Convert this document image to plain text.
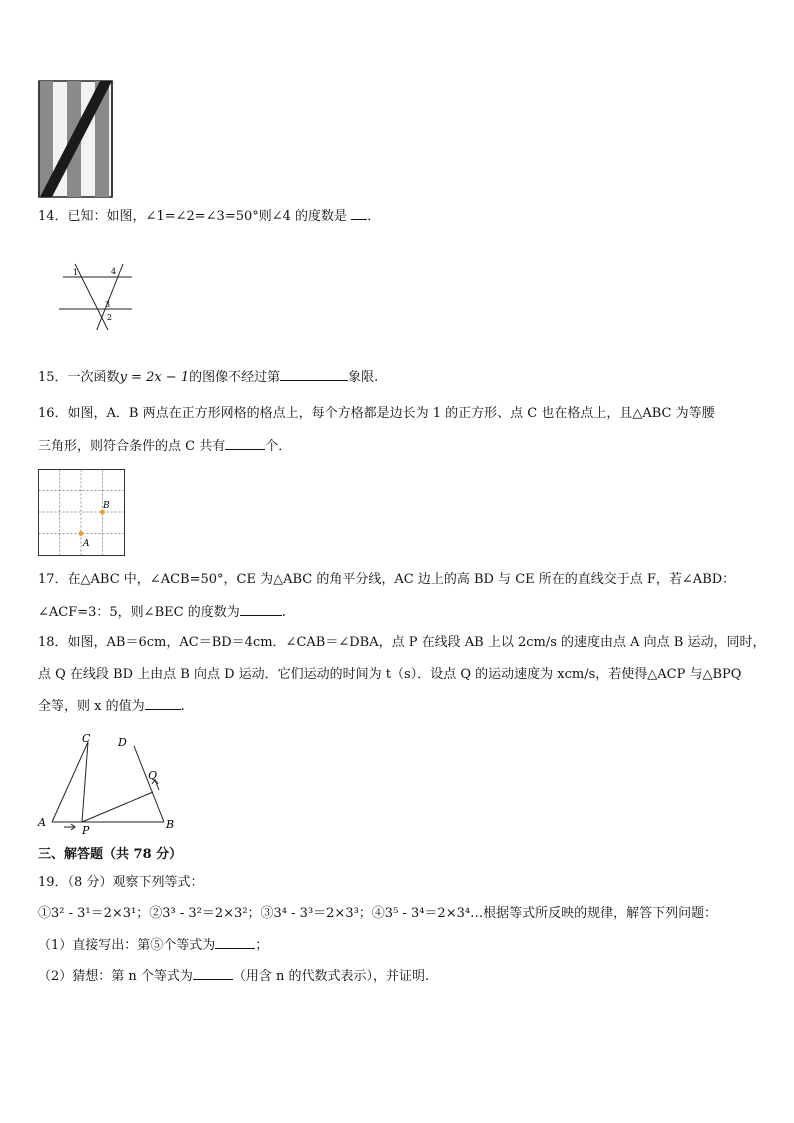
14．已知：如图，∠1=∠2=∠3=50°则∠4 的度数是 ．
1	4
3
2
15．一次函数y = 2x − 1的图像不经过第	象限.
16．如图，A．B 两点在正方形网格的格点上，每个方格都是边长为 1 的正方形、点 C 也在格点上，且△ABC 为等腰
三角形，则符合条件的点 C 共有	个．
B
A
17．在△ABC 中，∠ACB=50°，CE 为△ABC 的角平分线，AC 边上的高 BD 与 CE 所在的直线交于点 F，若∠ABD：
∠ACF=3：5，则∠BEC 的度数为	.
18．如图，AB＝6cm，AC＝BD＝4cm．∠CAB＝∠DBA，点 P 在线段 AB 上以 2cm/s 的速度由点 A 向点 B 运动，同时，
点 Q 在线段 BD 上由点 B 向点 D 运动．它们运动的时间为 t（s）．设点 Q 的运动速度为 xcm/s，若使得△ACP 与△BPQ
全等，则 x 的值为	.
C	D
Q
A
P	B
三、解答题（共 78 分）
19．（8 分）观察下列等式：
①3² - 3¹＝2×3¹；②3³ - 3²＝2×3²；③3⁴ - 3³＝2×3³；④3⁵ - 3⁴＝2×3⁴…根据等式所反映的规律，解答下列问题：
（1）直接写出：第⑤个等式为	；
（2）猜想：第 n 个等式为	（用含 n 的代数式表示），并证明.
